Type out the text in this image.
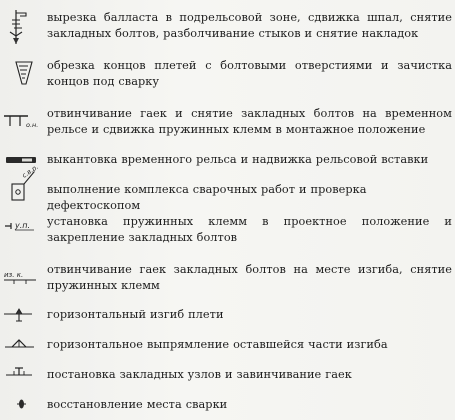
вырезка балласта в подрельсовой зоне, сдвижка шпал, снятие закладных болтов, разболчивание стыков и снятие накладок
обрезка концов плетей с болтовыми отверстиями и зачистка концов под сварку
о.н.
отвинчивание гаек и снятие закладных болтов на временном рельсе и сдвижка пружинных клемм в монтажное положение
выкантовка временного рельса и надвижка рельсовой вставки
с.в.р.
выполнение комплекса сварочных работ и проверка дефектоскопом
у.п. установка пружинных клемм в проектное положение и закрепление закладных болтов
из. к. отвинчивание гаек закладных болтов на месте изгиба, снятие пружинных клемм
горизонтальный изгиб плети
горизонтальное выпрямление оставшейся части изгиба
постановка закладных узлов и завинчивание гаек
восстановление места сварки
